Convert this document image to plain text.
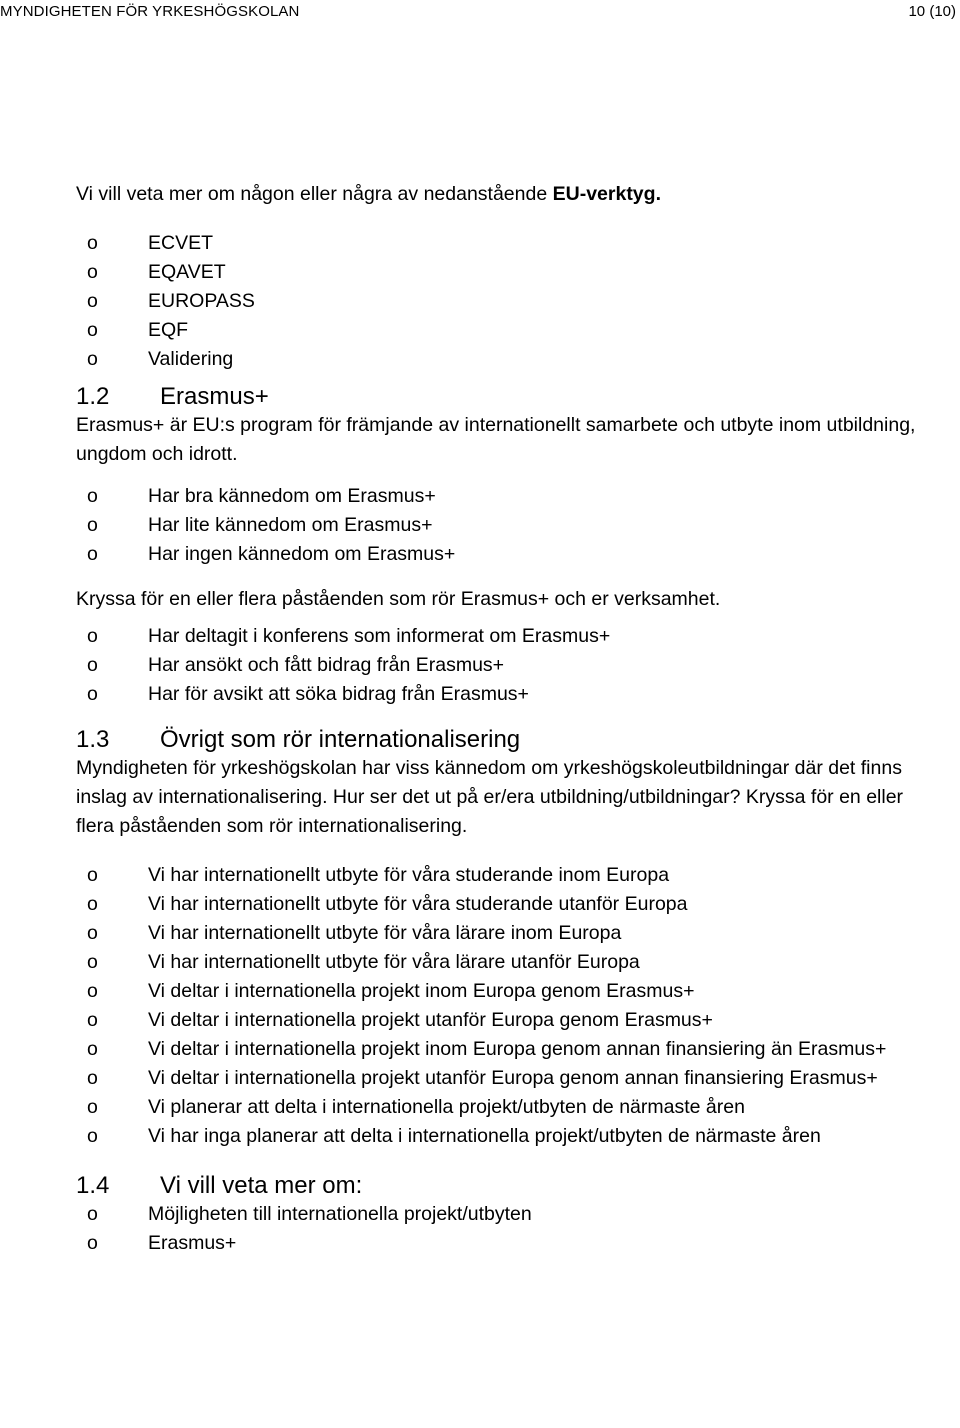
MYNDIGHETEN FÖR YRKESHÖGSKOLAN	10 (10)

Vi vill veta mer om någon eller några av nedanstående EU-verktyg.

o	ECVET
o	EQAVET
o	EUROPASS
o	EQF
o	Validering
1.2 Erasmus+

Erasmus+ är EU:s program för främjande av internationellt samarbete och utbyte inom utbildning, ungdom och idrott.

o	Har bra kännedom om Erasmus+
o	Har lite kännedom om Erasmus+
o	Har ingen kännedom om Erasmus+

Kryssa för en eller flera påståenden som rör Erasmus+ och er verksamhet.

o	Har deltagit i konferens som informerat om Erasmus+
o	Har ansökt och fått bidrag från Erasmus+
o	Har för avsikt att söka bidrag från Erasmus+
1.3 Övrigt som rör internationalisering

Myndigheten för yrkeshögskolan har viss kännedom om yrkeshögskoleutbildningar där det finns inslag av internationalisering. Hur ser det ut på er/era utbildning/utbildningar? Kryssa för en eller flera påståenden som rör internationalisering.

o	Vi har internationellt utbyte för våra studerande inom Europa
o	Vi har internationellt utbyte för våra studerande utanför Europa
o	Vi har internationellt utbyte för våra lärare inom Europa
o	Vi har internationellt utbyte för våra lärare utanför Europa
o	Vi deltar i internationella projekt inom Europa genom Erasmus+
o	Vi deltar i internationella projekt utanför Europa genom Erasmus+
o	Vi deltar i internationella projekt inom Europa genom annan finansiering än Erasmus+
o	Vi deltar i internationella projekt utanför Europa genom annan finansiering Erasmus+
o	Vi planerar att delta i internationella projekt/utbyten de närmaste åren
o	Vi har inga planerar att delta i internationella projekt/utbyten de närmaste åren
1.4 Vi vill veta mer om:
o	Möjligheten till internationella projekt/utbyten
o	Erasmus+
